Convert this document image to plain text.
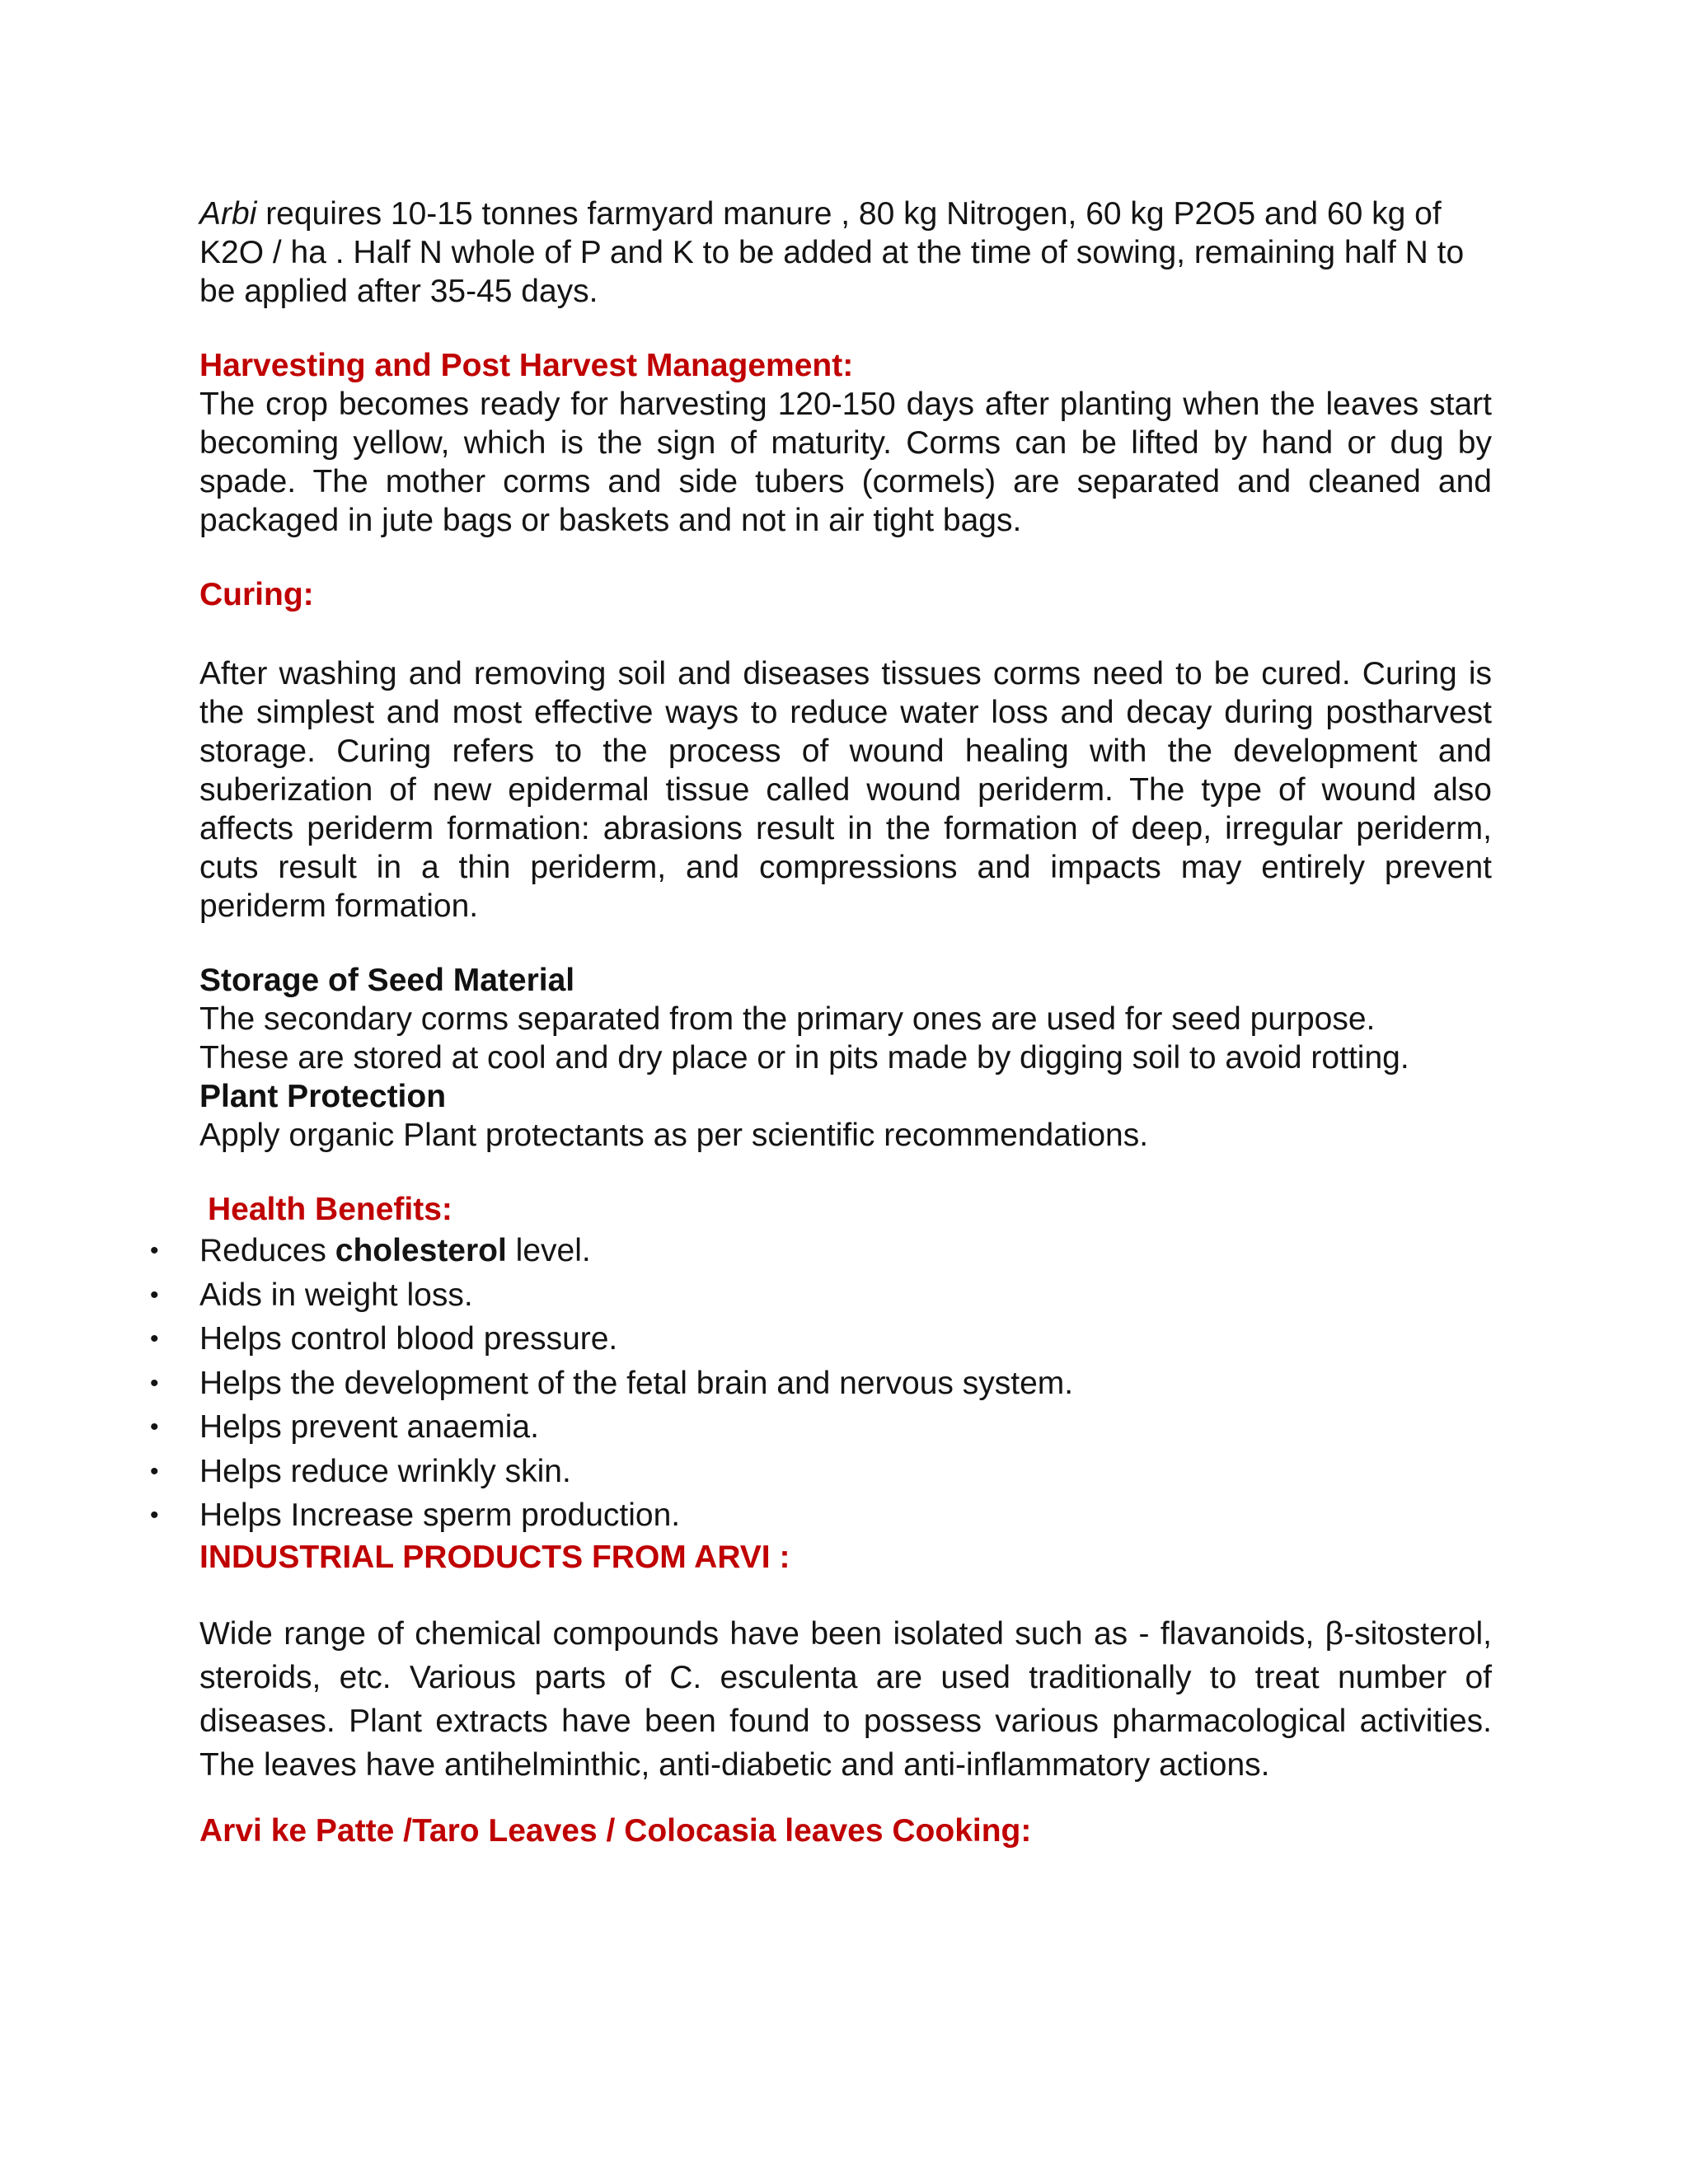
Arbi requires 10-15 tonnes farmyard manure , 80 kg Nitrogen, 60 kg P2O5 and 60 kg of K2O / ha . Half N whole of P and K to be added at the time of sowing, remaining half N to be applied after 35-45 days.

Harvesting and Post Harvest Management:

The crop becomes ready for harvesting 120-150 days after planting when the leaves start becoming yellow, which is the sign of maturity. Corms can be lifted by hand or dug by spade. The mother corms and side tubers (cormels) are separated and cleaned and packaged in jute bags or baskets and not in air tight bags.

Curing:

After washing and removing soil and diseases tissues corms need to be cured. Curing is the simplest and most effective ways to reduce water loss and decay during postharvest storage. Curing refers to the process of wound healing with the development and suberization of new epidermal tissue called wound periderm. The type of wound also affects periderm formation: abrasions result in the formation of deep, irregular periderm, cuts result in a thin periderm, and compressions and impacts may entirely prevent periderm formation.

Storage of Seed Material

The secondary corms separated from the primary ones are used for seed purpose.

These are stored at cool and dry place or in pits made by digging soil to avoid rotting.

Plant Protection

Apply organic Plant protectants as per scientific recommendations.

Health Benefits:

• Reduces cholesterol level.
• Aids in weight loss.
• Helps control blood pressure.
• Helps the development of the fetal brain and nervous system.
• Helps prevent anaemia.
• Helps reduce wrinkly skin.
• Helps Increase sperm production.

INDUSTRIAL PRODUCTS FROM ARVI :

Wide range of chemical compounds have been isolated such as - flavanoids, β-sitosterol, steroids, etc. Various parts of C. esculenta are used traditionally to treat number of diseases. Plant extracts have been found to possess various pharmacological activities. The leaves have antihelminthic, anti-diabetic and anti-inflammatory actions.

Arvi ke Patte /Taro Leaves / Colocasia leaves Cooking:
